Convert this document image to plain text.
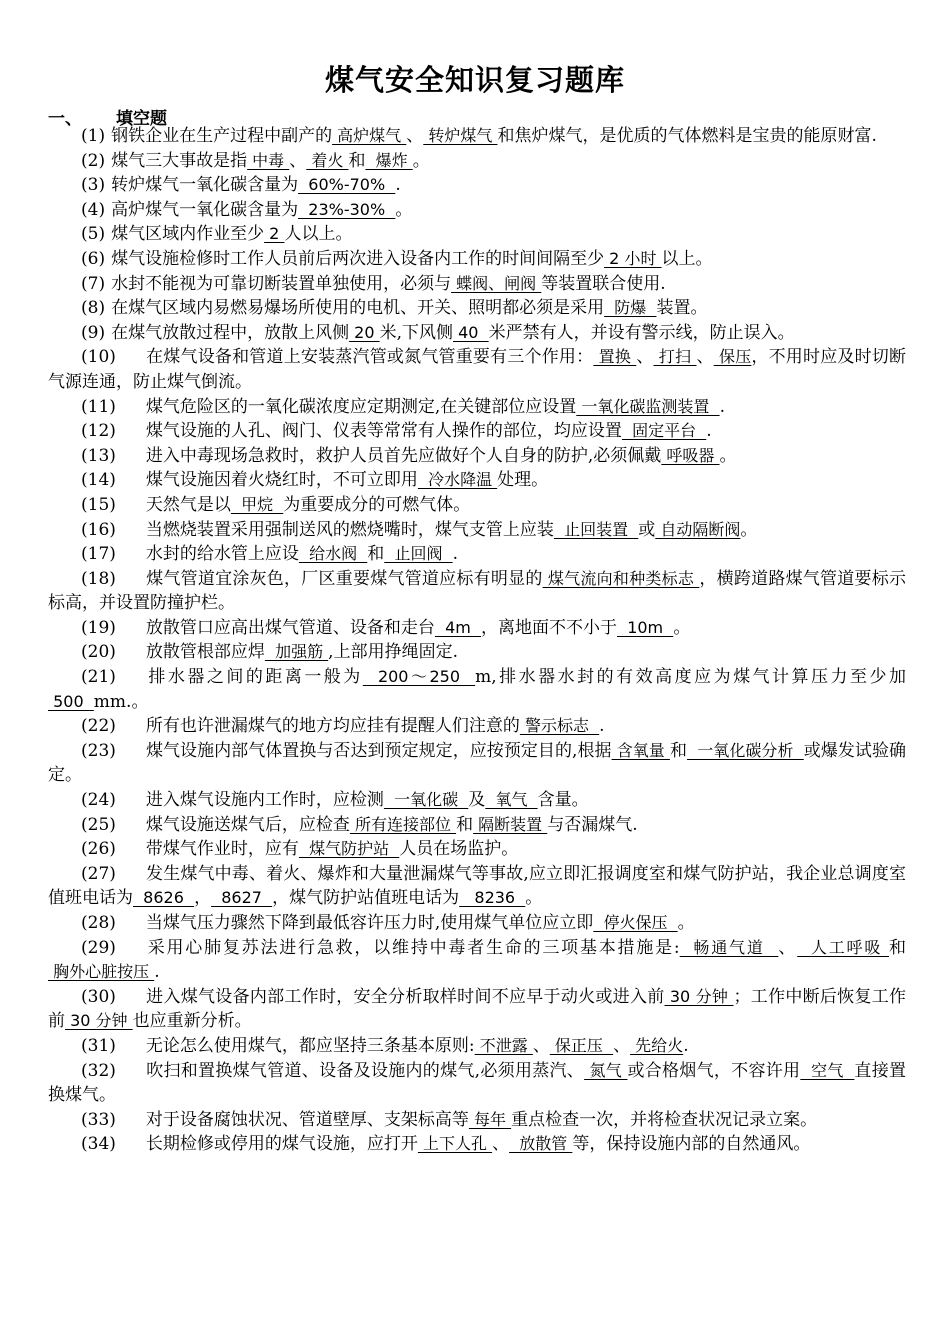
煤气安全知识复习题库
一、 填空题
(1) 钢铁企业在生产过程中副产的 高炉煤气 、 转炉煤气 和焦炉煤气，是优质的气体燃料是宝贵的能原财富.
(2) 煤气三大事故是指 中毒 、 着火 和  爆炸 。
(3) 转炉煤气一氧化碳含量为  60%-70%  .
(4) 高炉煤气一氧化碳含量为  23%-30%  。
(5) 煤气区域内作业至少 2 人以上。
(6) 煤气设施检修时工作人员前后两次进入设备内工作的时间间隔至少 2 小时 以上。
(7) 水封不能视为可靠切断装置单独使用，必须与 蝶阀、闸阀 等装置联合使用.
(8) 在煤气区域内易燃易爆场所使用的电机、开关、照明都必须是采用  防爆  装置。
(9) 在煤气放散过程中，放散上风侧 20 米,下风侧 40  米严禁有人，并设有警示线，防止误入。
(10) 在煤气设备和管道上安装蒸汽管或氮气管重要有三个作用： 置换 、 打扫 、 保压，不用时应及时切断气源连通，防止煤气倒流。
(11) 煤气危险区的一氧化碳浓度应定期测定,在关键部位应设置 一氧化碳监测装置  .
(12) 煤气设施的人孔、阀门、仪表等常常有人操作的部位，均应设置  固定平台  .
(13) 进入中毒现场急救时，救护人员首先应做好个人自身的防护,必须佩戴 呼吸器 。
(14) 煤气设施因着火烧红时，不可立即用  冷水降温 处理。
(15) 天然气是以  甲烷  为重要成分的可燃气体。
(16) 当燃烧装置采用强制送风的燃烧嘴时，煤气支管上应装  止回装置  或 自动隔断阀。
(17) 水封的给水管上应设  给水阀  和  止回阀  .
(18) 煤气管道宜涂灰色，厂区重要煤气管道应标有明显的 煤气流向和种类标志 ，横跨道路煤气管道要标示标高，并设置防撞护栏。
(19) 放散管口应高出煤气管道、设备和走台  4m  ，离地面不不小于  10m  。
(20) 放散管根部应焊  加强筋 ,上部用挣绳固定.
(21) 排水器之间的距离一般为  200～250  m,排水器水封的有效高度应为煤气计算压力至少加 500  mm.。
(22) 所有也许泄漏煤气的地方均应挂有提醒人们注意的 警示标志  .
(23) 煤气设施内部气体置换与否达到预定规定，应按预定目的,根据 含氧量 和  一氧化碳分析  或爆发试验确定。
(24) 进入煤气设施内工作时，应检测  一氧化碳  及  氧气  含量。
(25) 煤气设施送煤气后，应检查 所有连接部位 和 隔断装置 与否漏煤气.
(26) 带煤气作业时，应有  煤气防护站  人员在场监护。
(27) 发生煤气中毒、着火、爆炸和大量泄漏煤气等事故,应立即汇报调度室和煤气防护站，我企业总调度室值班电话为  8626  ，  8627  ，煤气防护站值班电话为   8236  。
(28) 当煤气压力骤然下降到最低容许压力时,使用煤气单位应立即  停火保压  。
(29) 采用心肺复苏法进行急救，以维持中毒者生命的三项基本措施是:  畅通气道  、  人工呼吸 和 胸外心脏按压 .
(30) 进入煤气设备内部工作时，安全分析取样时间不应早于动火或进入前 30 分钟 ；工作中断后恢复工作前 30 分钟 也应重新分析。
(31) 无论怎么使用煤气，都应坚持三条基本原则: 不泄露 、 保正压  、 先给火.
(32) 吹扫和置换煤气管道、设备及设施内的煤气,必须用蒸汽、 氮气 或合格烟气，不容许用  空气  直接置换煤气。
(33) 对于设备腐蚀状况、管道壁厚、支架标高等 每年 重点检查一次，并将检查状况记录立案。
(34) 长期检修或停用的煤气设施，应打开 上下人孔 、  放散管 等，保持设施内部的自然通风。
